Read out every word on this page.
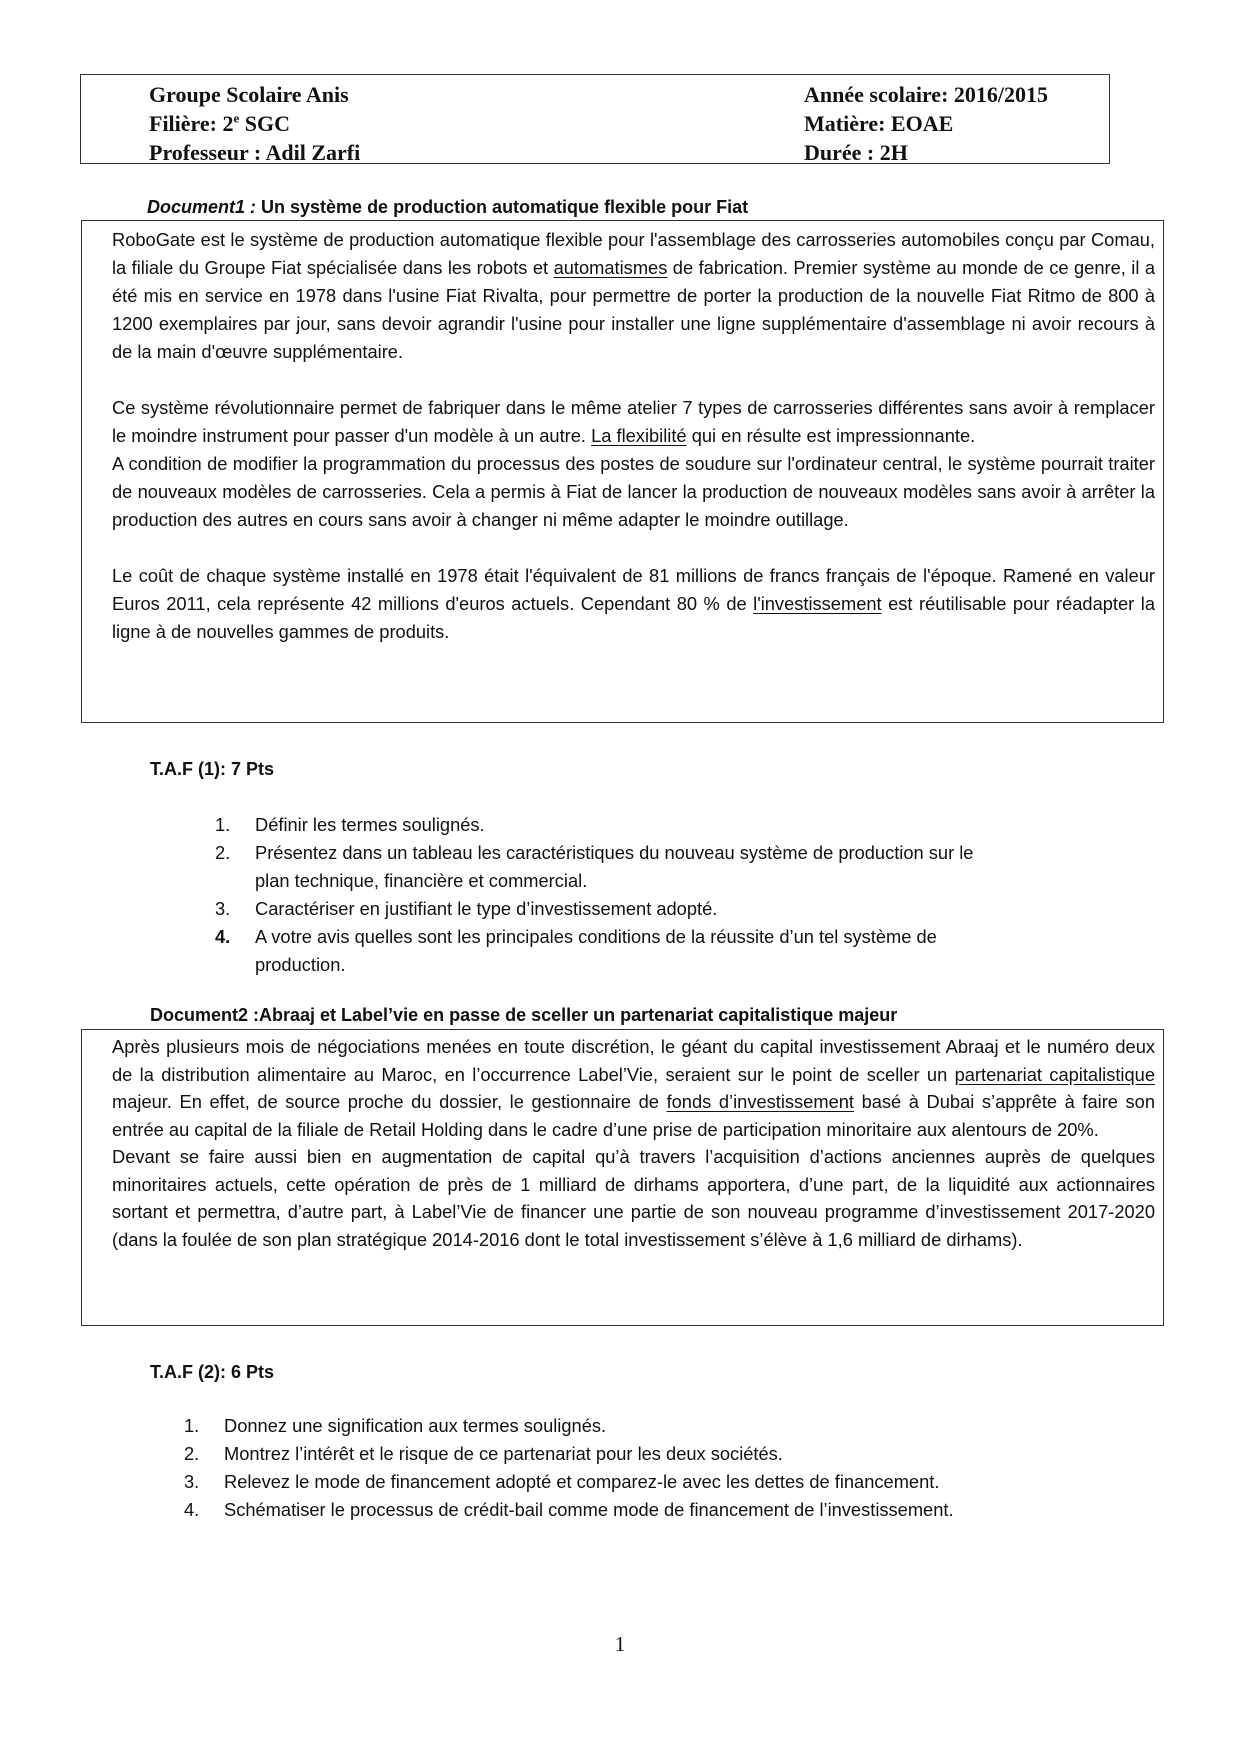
Groupe Scolaire Anis
Filière: 2e SGC
Professeur : Adil Zarfi
Année scolaire: 2016/2015
Matière: EOAE
Durée : 2H
Document1 : Un système de production automatique flexible pour Fiat

RoboGate est le système de production automatique flexible pour l'assemblage des carrosseries automobiles conçu par Comau, la filiale du Groupe Fiat spécialisée dans les robots et automatismes de fabrication. Premier système au monde de ce genre, il a été mis en service en 1978 dans l'usine Fiat Rivalta, pour permettre de porter la production de la nouvelle Fiat Ritmo de 800 à 1200 exemplaires par jour, sans devoir agrandir l'usine pour installer une ligne supplémentaire d'assemblage ni avoir recours à de la main d'œuvre supplémentaire.

Ce système révolutionnaire permet de fabriquer dans le même atelier 7 types de carrosseries différentes sans avoir à remplacer le moindre instrument pour passer d'un modèle à un autre. La flexibilité qui en résulte est impressionnante.

A condition de modifier la programmation du processus des postes de soudure sur l'ordinateur central, le système pourrait traiter de nouveaux modèles de carrosseries. Cela a permis à Fiat de lancer la production de nouveaux modèles sans avoir à arrêter la production des autres en cours sans avoir à changer ni même adapter le moindre outillage.

Le coût de chaque système installé en 1978 était l'équivalent de 81 millions de francs français de l'époque. Ramené en valeur Euros 2011, cela représente 42 millions d'euros actuels. Cependant 80 % de l'investissement est réutilisable pour réadapter la ligne à de nouvelles gammes de produits.

T.A.F (1): 7 Pts
1. Définir les termes soulignés.
2. Présentez dans un tableau les caractéristiques du nouveau système de production sur le
plan technique, financière et commercial.
3. Caractériser en justifiant le type d’investissement adopté.
4. A votre avis quelles sont les principales conditions de la réussite d’un tel système de
production.
Document2 :Abraaj et Label’vie en passe de sceller un partenariat capitalistique majeur

Après plusieurs mois de négociations menées en toute discrétion, le géant du capital investissement Abraaj et le numéro deux de la distribution alimentaire au Maroc, en l’occurrence Label’Vie, seraient sur le point de sceller un partenariat capitalistique majeur. En effet, de source proche du dossier, le gestionnaire de fonds d’investissement basé à Dubai s’apprête à faire son entrée au capital de la filiale de Retail Holding dans le cadre d’une prise de participation minoritaire aux alentours de 20%.

Devant se faire aussi bien en augmentation de capital qu’à travers l’acquisition d’actions anciennes auprès de quelques minoritaires actuels, cette opération de près de 1 milliard de dirhams apportera, d’une part, de la liquidité aux actionnaires sortant et permettra, d’autre part, à Label’Vie de financer une partie de son nouveau programme d’investissement 2017-2020 (dans la foulée de son plan stratégique 2014-2016 dont le total investissement s’élève à 1,6 milliard de dirhams).

T.A.F (2): 6 Pts
1. Donnez une signification aux termes soulignés.
2. Montrez l’intérêt et le risque de ce partenariat pour les deux sociétés.
3. Relevez le mode de financement adopté et comparez-le avec les dettes de financement.
4. Schématiser le processus de crédit-bail comme mode de financement de l’investissement.
1
